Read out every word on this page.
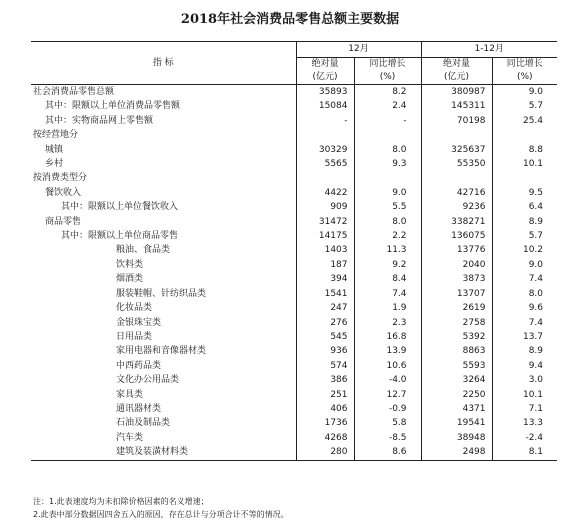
2018年社会消费品零售总额主要数据
指 标	12月		1-12月	
	绝对量	同比增长	绝对量	同比增长
	(亿元)	(%)	(亿元)	(%)
社会消费品零售总额	35893	8.2	380987	9.0
其中：限额以上单位消费品零售额	15084	2.4	145311	5.7
其中：实物商品网上零售额	-	-	70198	25.4
按经营地分				
城镇	30329	8.0	325637	8.8
乡村	5565	9.3	55350	10.1
按消费类型分				
餐饮收入	4422	9.0	42716	9.5
其中：限额以上单位餐饮收入	909	5.5	9236	6.4
商品零售	31472	8.0	338271	8.9
其中：限额以上单位商品零售	14175	2.2	136075	5.7
粮油、食品类	1403	11.3	13776	10.2
饮料类	187	9.2	2040	9.0
烟酒类	394	8.4	3873	7.4
服装鞋帽、针纺织品类	1541	7.4	13707	8.0
化妆品类	247	1.9	2619	9.6
金银珠宝类	276	2.3	2758	7.4
日用品类	545	16.8	5392	13.7
家用电器和音像器材类	936	13.9	8863	8.9
中西药品类	574	10.6	5593	9.4
文化办公用品类	386	-4.0	3264	3.0
家具类	251	12.7	2250	10.1
通讯器材类	406	-0.9	4371	7.1
石油及制品类	1736	5.8	19541	13.3
汽车类	4268	-8.5	38948	-2.4
建筑及装潢材料类	280	8.6	2498	8.1
注：1.此表速度均为未扣除价格因素的名义增速；
2.此表中部分数据因四舍五入的原因，存在总计与分项合计不等的情况。
